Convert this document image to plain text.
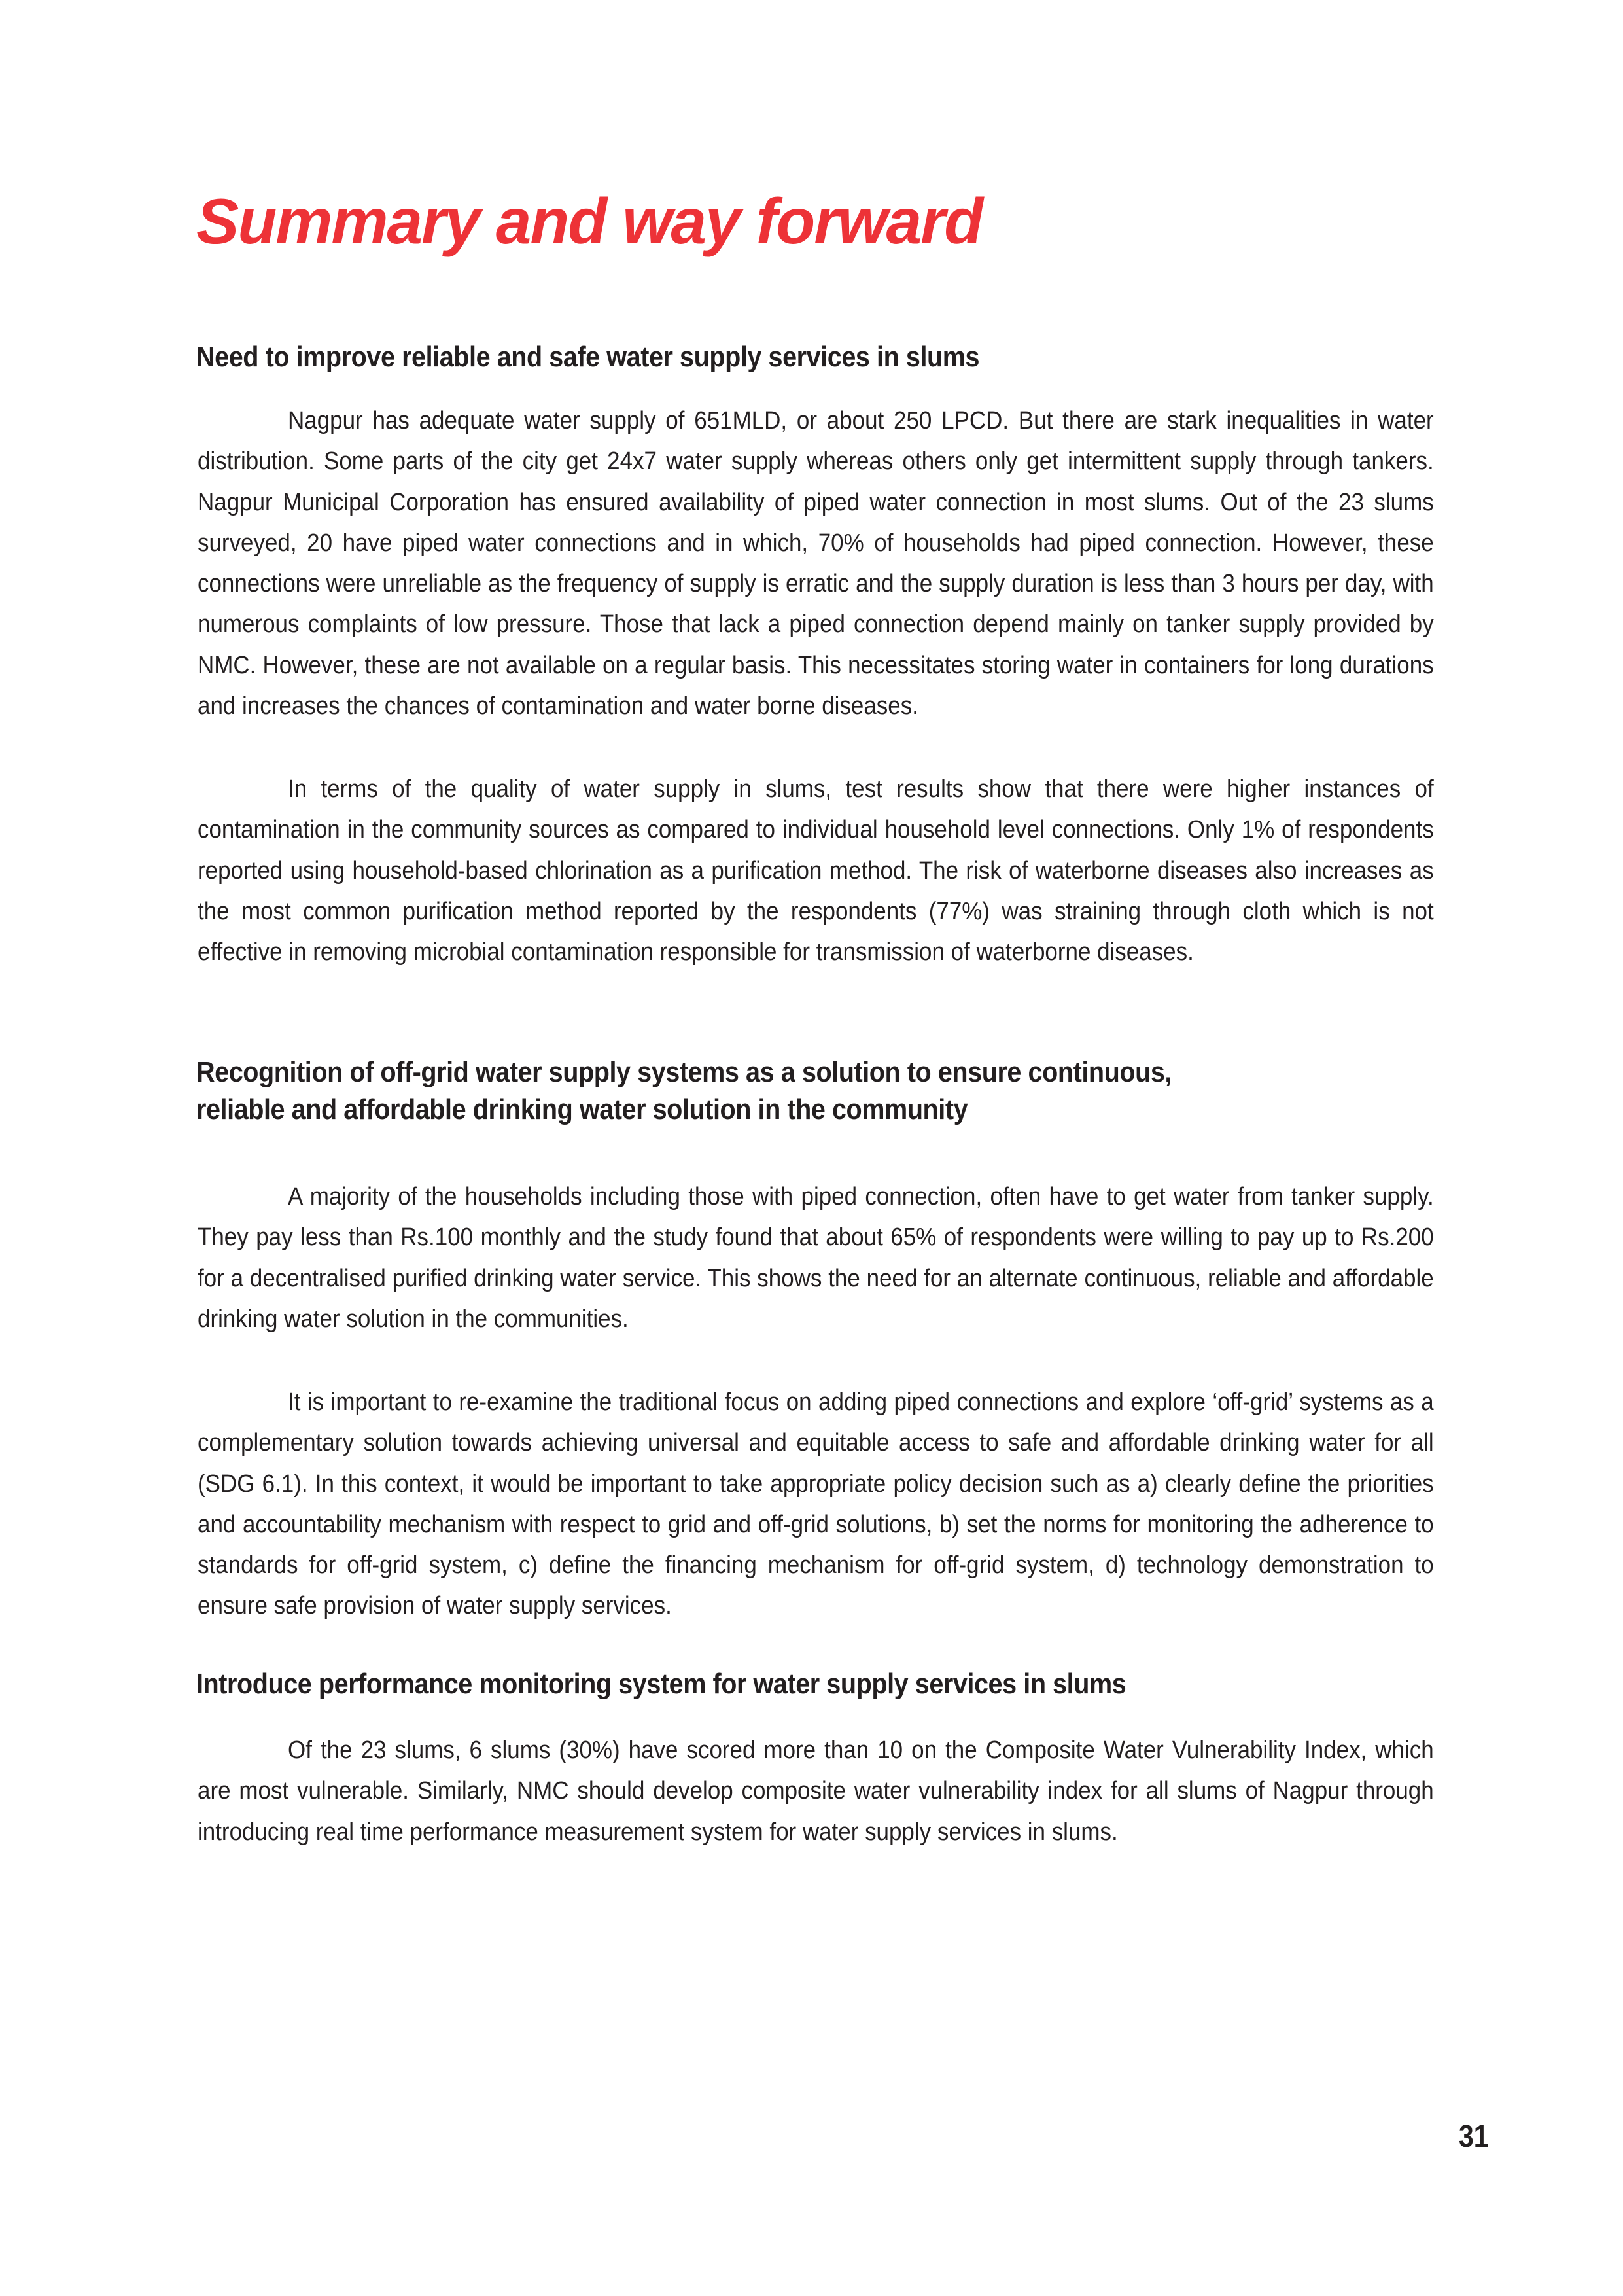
Summary and way forward
Need to improve reliable and safe water supply services in slums

Nagpur has adequate water supply of 651MLD, or about 250 LPCD. But there are stark inequalities in water distribution. Some parts of the city get 24x7 water supply whereas others only get intermittent supply through tankers. Nagpur Municipal Corporation has ensured availability of piped water connection in most slums. Out of the 23 slums surveyed, 20 have piped water connections and in which, 70% of households had piped connection. However, these connections were unreliable as the frequency of supply is erratic and the supply duration is less than 3 hours per day, with numerous complaints of low pressure. Those that lack a piped connection depend mainly on tanker supply provided by NMC. However, these are not available on a regular basis. This necessitates storing water in containers for long durations and increases the chances of contamination and water borne diseases.

In terms of the quality of water supply in slums, test results show that there were higher instances of contamination in the community sources as compared to individual household level connections. Only 1% of respondents reported using household-based chlorination as a purification method. The risk of waterborne diseases also increases as the most common purification method reported by the respondents (77%) was straining through cloth which is not effective in removing microbial contamination responsible for transmission of waterborne diseases.

Recognition of off-grid water supply systems as a solution to ensure continuous,
reliable and affordable drinking water solution in the community

A majority of the households including those with piped connection, often have to get water from tanker supply. They pay less than Rs.100 monthly and the study found that about 65% of respondents were willing to pay up to Rs.200 for a decentralised purified drinking water service. This shows the need for an alternate continuous, reliable and affordable drinking water solution in the communities.

It is important to re-examine the traditional focus on adding piped connections and explore ‘off-grid’ systems as a complementary solution towards achieving universal and equitable access to safe and affordable drinking water for all (SDG 6.1). In this context, it would be important to take appropriate policy decision such as a) clearly define the priorities and accountability mechanism with respect to grid and off-grid solutions, b) set the norms for monitoring the adherence to standards for off-grid system, c) define the financing mechanism for off-grid system, d) technology demonstration to ensure safe provision of water supply services.

Introduce performance monitoring system for water supply services in slums

Of the 23 slums, 6 slums (30%) have scored more than 10 on the Composite Water Vulnerability Index, which are most vulnerable. Similarly, NMC should develop composite water vulnerability index for all slums of Nagpur through introducing real time performance measurement system for water supply services in slums.

31
